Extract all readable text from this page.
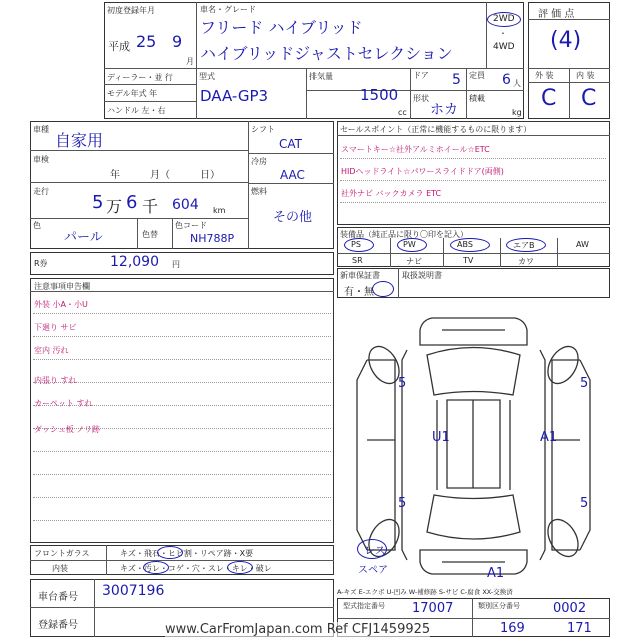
初度登録年月
平成 25 9
月
車名・グレード
フリード ハイブリッド
ハイブリッドジャストセレクション
2WD
・
4WD
ディーラー・並 行
モデル年式 年
ハンドル 左・右
型式
DAA-GP3
排気量
1500
cc
ドア 5 定員 6 人
形状
ホカ
積載
kg
評 価 点
(4)
外 装	内 装
C C
車種
自家用
車検
年　　　月（　　　日）
走行
5 万 6 千 604 km
色
パール	色替
色コード
NH788P
シフト
CAT
冷房
AAC
燃料
その他
R券	12,090 円
セールスポイント（正常に機能するものに限ります）
スマートキー☆社外アルミホイール☆ETC
HIDヘッドライト☆パワースライドドア(両側)
社外ナビ バックカメラ ETC
装備品（純正品に限り〇印を記入）
PS	PW	ABS	エアB	AW
SR	ナビ	TV	カワ
新車保証書
有・無
取扱説明書
注意事項申告欄
外装 小A・小U
下廻り サビ
室内 汚れ
内張り すれ
カーペット すれ
ダッシュ板 ノリ跡
フロントガラス	キズ・飛石・ヒビ割・リペア跡・X要
内装	キズ・汚レ・コゲ・穴・スレ・キレ・破レ
車台番号 3007196
登録番号
型式指定番号 17007	類別区分番号	0002
169	171
5	5
U1	A1
5	5
A1
レス
スペア
A-キズ E-エクボ U-凹み W-補修跡 S-サビ C-腐食 XX-交換済
www.CarFromJapan.com Ref CFJ1459925
